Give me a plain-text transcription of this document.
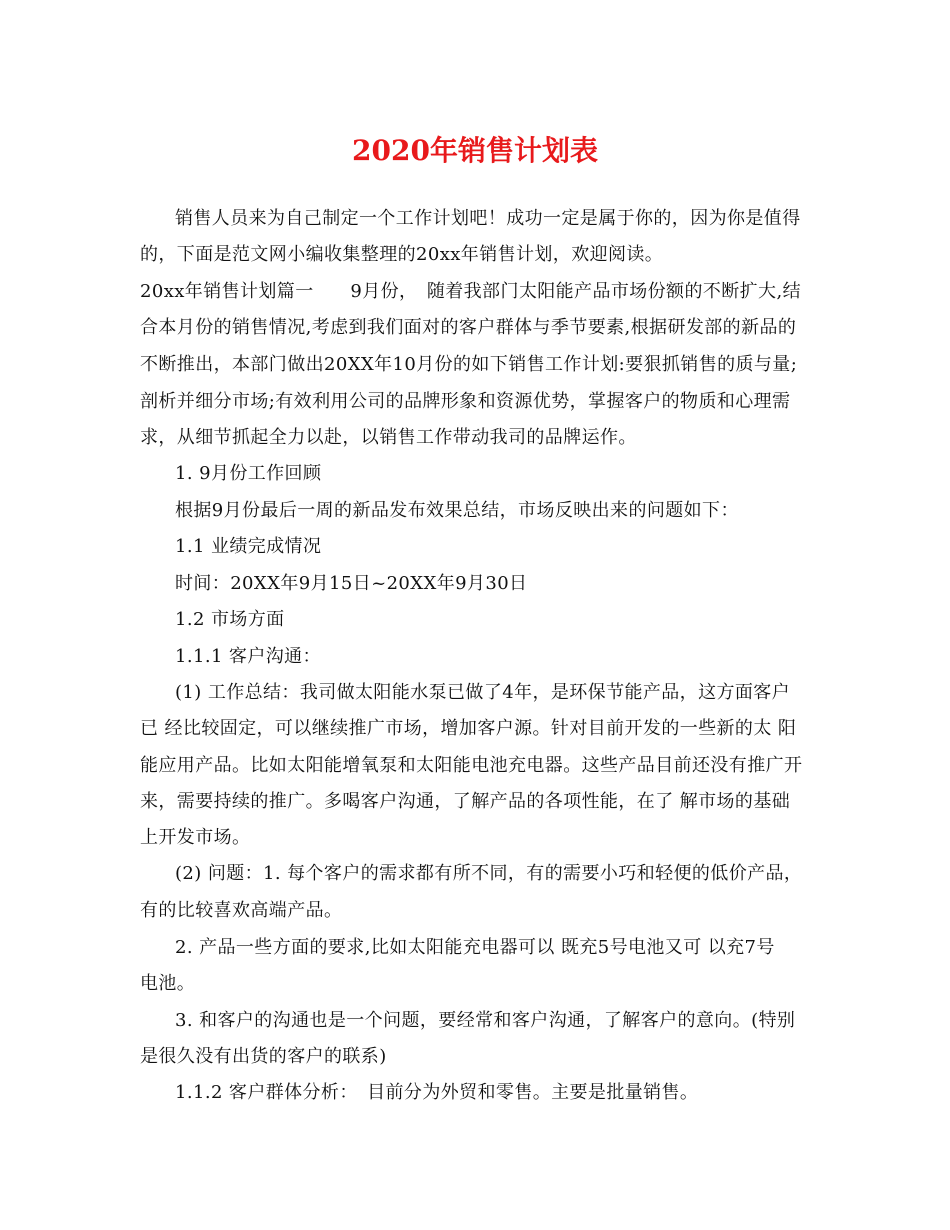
2020年销售计划表
销售人员来为自己制定一个工作计划吧！成功一定是属于你的，因为你是值得
的，下面是范文网小编收集整理的20xx年销售计划，欢迎阅读。
20xx年销售计划篇一　　9月份，　随着我部门太阳能产品市场份额的不断扩大,结
合本月份的销售情况,考虑到我们面对的客户群体与季节要素,根据研发部的新品的
不断推出，本部门做出20XX年10月份的如下销售工作计划:要狠抓销售的质与量;
剖析并细分市场;有效利用公司的品牌形象和资源优势，掌握客户的物质和心理需
求，从细节抓起全力以赴，以销售工作带动我司的品牌运作。
1. 9月份工作回顾
根据9月份最后一周的新品发布效果总结，市场反映出来的问题如下：
1.1 业绩完成情况
时间：20XX年9月15日~20XX年9月30日
1.2 市场方面
1.1.1 客户沟通：
(1) 工作总结：我司做太阳能水泵已做了4年，是环保节能产品，这方面客户
已 经比较固定，可以继续推广市场，增加客户源。针对目前开发的一些新的太 阳
能应用产品。比如太阳能增氧泵和太阳能电池充电器。这些产品目前还没有推广开
来，需要持续的推广。多喝客户沟通，了解产品的各项性能，在了 解市场的基础
上开发市场。
(2) 问题：1. 每个客户的需求都有所不同，有的需要小巧和轻便的低价产品，
有的比较喜欢高端产品。
2. 产品一些方面的要求,比如太阳能充电器可以 既充5号电池又可 以充7号
电池。
3. 和客户的沟通也是一个问题，要经常和客户沟通，了解客户的意向。(特别
是很久没有出货的客户的联系)
1.1.2 客户群体分析：　目前分为外贸和零售。主要是批量销售。
